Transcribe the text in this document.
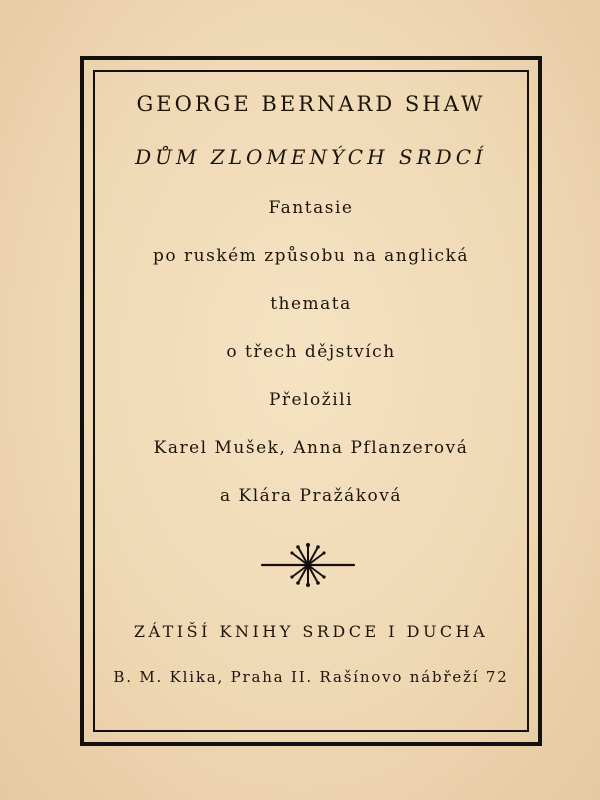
GEORGE BERNARD SHAW
DŮM ZLOMENÝCH SRDCÍ
Fantasie
po ruském způsobu na anglická
themata
o třech dějstvích
Přeložili
Karel Mušek, Anna Pflanzerová
a Klára Pražáková
ZÁTIŠÍ KNIHY SRDCE I DUCHA
B. M. Klika, Praha II. Rašínovo nábřeží 72
